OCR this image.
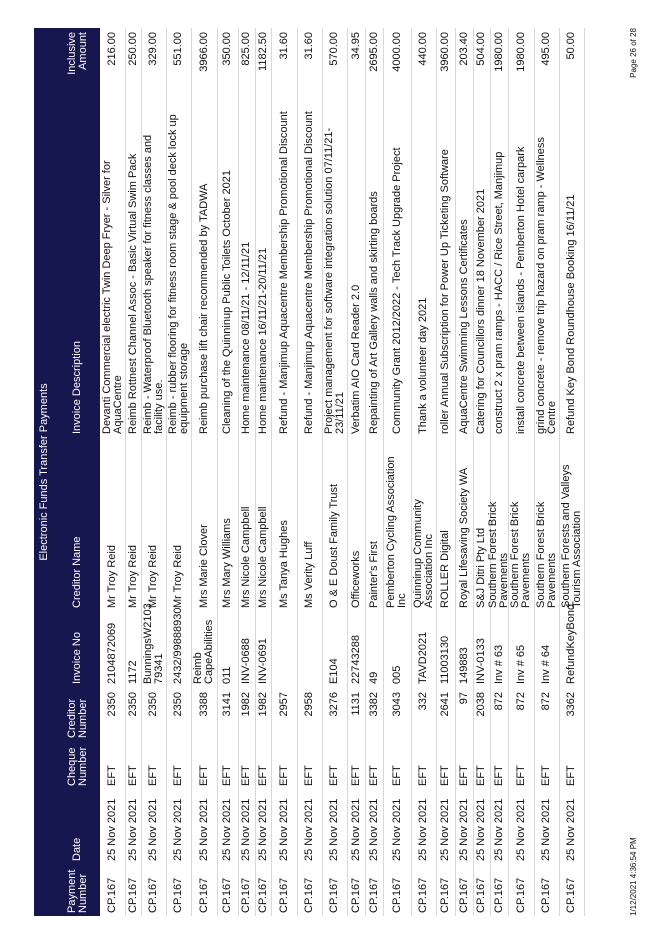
Electronic Funds Transfer Payments
Payment Number
Date
Cheque Number
Creditor Number
Invoice No
Creditor Name
Invoice Description
Inclusive Amount
CP.167
25 Nov 2021
EFT
2350
2104872069
Mr Troy Reid
Devanti Commercial electric Twin Deep Fryer - Silver for AquaCentre
216.00
CP.167
25 Nov 2021
EFT
2350
1172
Mr Troy Reid
Reimb Rottnest Channel Assoc - Basic Virtual Swim Pack
250.00
CP.167
25 Nov 2021
EFT
2350
BunningsW2103 79341
Mr Troy Reid
Reimb - Waterproof Bluetooth speaker for fitness classes and facility use.
329.00
CP.167
25 Nov 2021
EFT
2350
2432/99888930
Mr Troy Reid
Reimb - rubber flooring for fitness room stage & pool deck lock up equipment storage
551.00
CP.167
25 Nov 2021
EFT
3388
Reimb CapeAbilities
Mrs Marie Clover
Reimb purchase lift chair recommended by TADWA
3966.00
CP.167
25 Nov 2021
EFT
3141
011
Mrs Mary Williams
Cleaning of the Quinninup Public Toilets October 2021
350.00
CP.167
25 Nov 2021
EFT
1982
INV-0688
Mrs Nicole Campbell
Home maintenance 08/11/21 - 12/11/21
825.00
CP.167
25 Nov 2021
EFT
1982
INV-0691
Mrs Nicole Campbell
Home maintenance 16/11/21-20/11/21
1182.50
CP.167
25 Nov 2021
EFT
2957
Ms Tanya Hughes
Refund - Manjimup Aquacentre Membership Promotional Discount
31.60
CP.167
25 Nov 2021
EFT
2958
Ms Verity Luff
Refund - Manjimup Aquacentre Membership Promotional Discount
31.60
CP.167
25 Nov 2021
EFT
3276
E104
O & E Doust Family Trust
Project management for software integration solution 07/11/21-23/11/21
570.00
CP.167
25 Nov 2021
EFT
1131
22743288
Officeworks
Verbatim AIO Card Reader 2.0
34.95
CP.167
25 Nov 2021
EFT
3382
49
Painter's First
Repainting of Art Gallery walls and skirting boards
2695.00
CP.167
25 Nov 2021
EFT
3043
005
Pemberton Cycling Association Inc
Community Grant 2012/2022 - Tech Track Upgrade Project
4000.00
CP.167
25 Nov 2021
EFT
332
TAVD2021
Quinninup Community Association Inc
Thank a volunteer day 2021
440.00
CP.167
25 Nov 2021
EFT
2641
11003130
ROLLER Digital
roller Annual Subscription for Power Up Ticketing Software
3960.00
CP.167
25 Nov 2021
EFT
97
149883
Royal Lifesaving Society WA
AquaCentre Swimming Lessons Certificates
203.40
CP.167
25 Nov 2021
EFT
2038
INV-0133
S&J Ditri Pty Ltd
Catering for Councillors dinner 18 November 2021
504.00
CP.167
25 Nov 2021
EFT
872
Inv # 63
Southern Forest Brick Pavements
construct 2 x pram ramps - HACC / Rice Street, Manjimup
1980.00
CP.167
25 Nov 2021
EFT
872
Inv # 65
Southern Forest Brick Pavements
install concrete between islands - Pemberton Hotel carpark
1980.00
CP.167
25 Nov 2021
EFT
872
Inv # 64
Southern Forest Brick Pavements
grind concrete - remove trip hazard on pram ramp - Wellness Centre
495.00
CP.167
25 Nov 2021
EFT
3362
RefundKeyBond
Southern Forests and Valleys Tourism Association
Refund Key Bond Roundhouse Booking 16/11/21
50.00
1/12/2021 4:36:54 PM
Page 26 of 28
